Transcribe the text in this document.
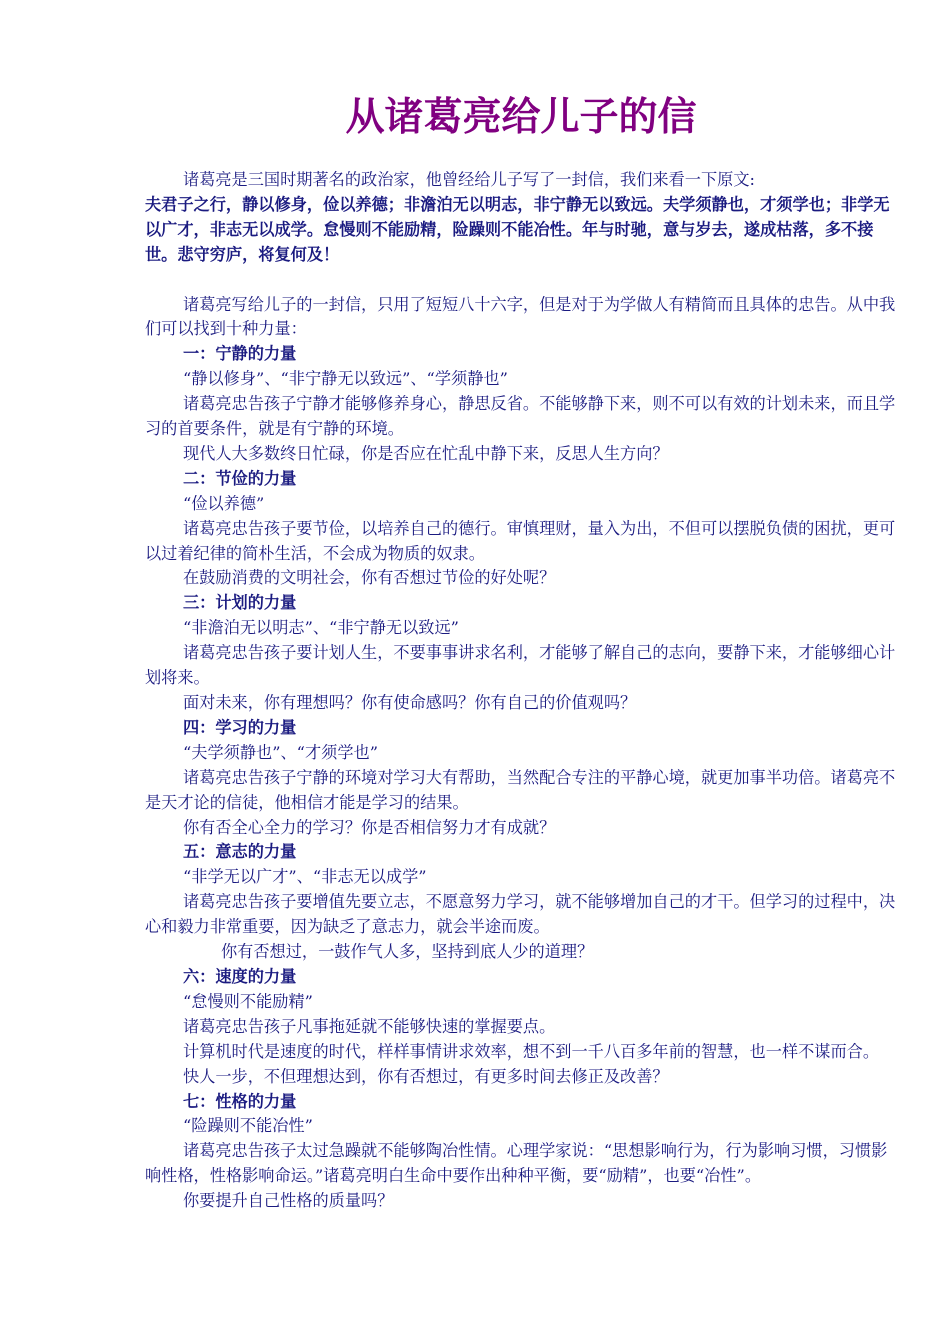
从诸葛亮给儿子的信

诸葛亮是三国时期著名的政治家，他曾经给儿子写了一封信，我们来看一下原文:

夫君子之行，静以修身，俭以养德；非澹泊无以明志，非宁静无以致远。夫学须静也，才须学也；非学无以广才，非志无以成学。怠慢则不能励精，险躁则不能冶性。年与时驰，意与岁去，遂成枯落，多不接世。悲守穷庐，将复何及！

诸葛亮写给儿子的一封信，只用了短短八十六字，但是对于为学做人有精简而且具体的忠告。从中我们可以找到十种力量：

一：宁静的力量

“静以修身”、“非宁静无以致远”、“学须静也”

诸葛亮忠告孩子宁静才能够修养身心，静思反省。不能够静下来，则不可以有效的计划未来，而且学习的首要条件，就是有宁静的环境。

现代人大多数终日忙碌，你是否应在忙乱中静下来，反思人生方向？

二：节俭的力量

“俭以养德”

诸葛亮忠告孩子要节俭，以培养自己的德行。审慎理财，量入为出，不但可以摆脱负债的困扰，更可以过着纪律的简朴生活，不会成为物质的奴隶。

在鼓励消费的文明社会，你有否想过节俭的好处呢？

三：计划的力量

“非澹泊无以明志”、“非宁静无以致远”

诸葛亮忠告孩子要计划人生，不要事事讲求名利，才能够了解自己的志向，要静下来，才能够细心计划将来。

面对未来，你有理想吗？你有使命感吗？你有自己的价值观吗？

四：学习的力量

“夫学须静也”、“才须学也”

诸葛亮忠告孩子宁静的环境对学习大有帮助，当然配合专注的平静心境，就更加事半功倍。诸葛亮不是天才论的信徒，他相信才能是学习的结果。

你有否全心全力的学习？你是否相信努力才有成就？

五：意志的力量

“非学无以广才”、“非志无以成学”

诸葛亮忠告孩子要增值先要立志，不愿意努力学习，就不能够增加自己的才干。但学习的过程中，决心和毅力非常重要，因为缺乏了意志力，就会半途而废。

你有否想过，一鼓作气人多，坚持到底人少的道理？

六：速度的力量

“怠慢则不能励精”

诸葛亮忠告孩子凡事拖延就不能够快速的掌握要点。

计算机时代是速度的时代，样样事情讲求效率，想不到一千八百多年前的智慧，也一样不谋而合。

快人一步，不但理想达到，你有否想过，有更多时间去修正及改善？

七：性格的力量

“险躁则不能冶性”

诸葛亮忠告孩子太过急躁就不能够陶冶性情。心理学家说：“思想影响行为，行为影响习惯，习惯影响性格，性格影响命运。”诸葛亮明白生命中要作出种种平衡，要“励精”，也要“冶性”。

你要提升自己性格的质量吗？
